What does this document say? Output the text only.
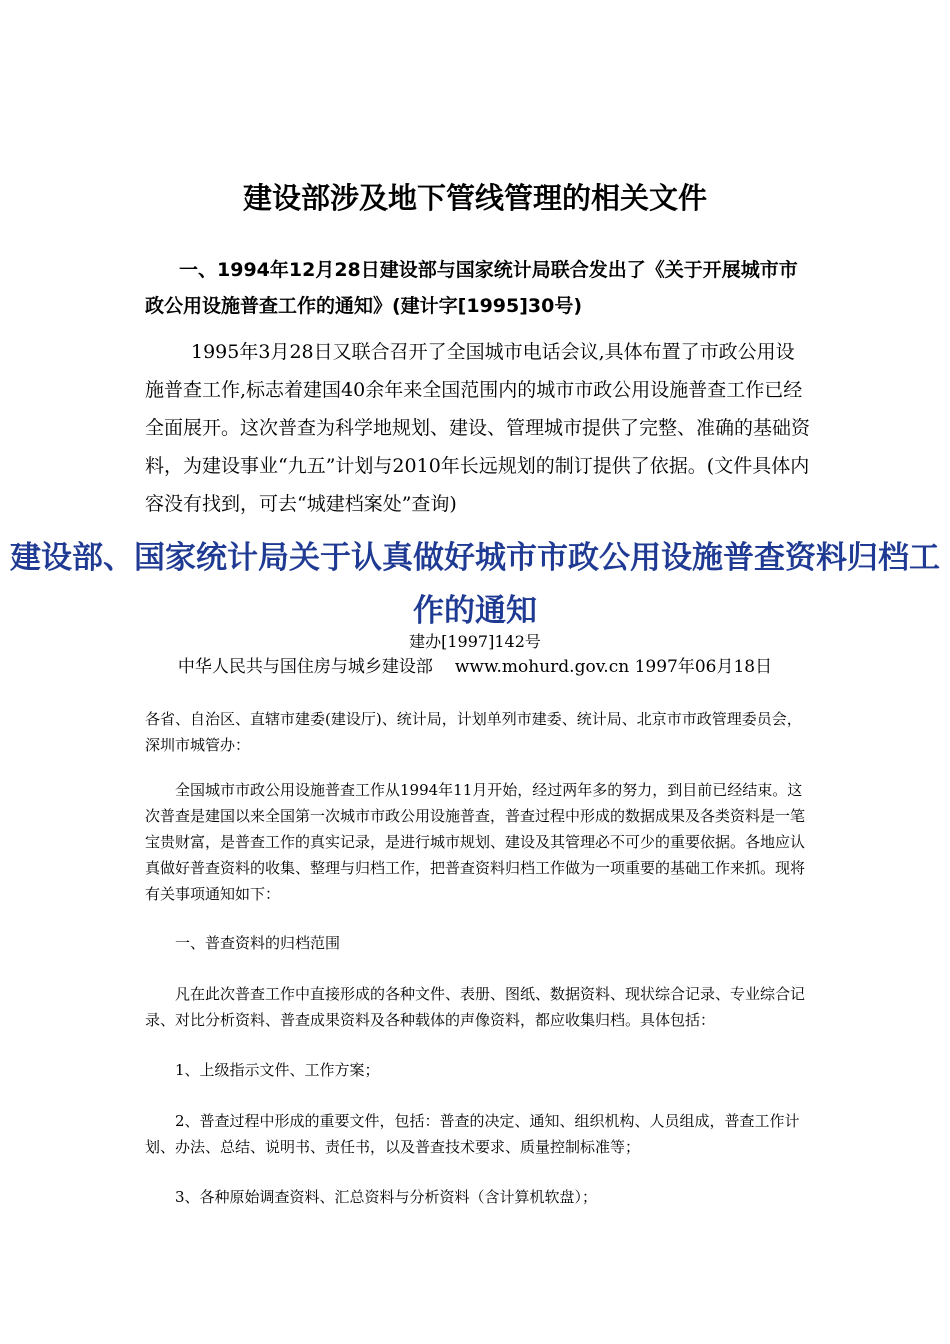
建设部涉及地下管线管理的相关文件

一、1994年12月28日建设部与国家统计局联合发出了《关于开展城市市政公用设施普查工作的通知》(建计字[1995]30号)

1995年3月28日又联合召开了全国城市电话会议,具体布置了市政公用设施普查工作,标志着建国40余年来全国范围内的城市市政公用设施普查工作已经全面展开。这次普查为科学地规划、建设、管理城市提供了完整、准确的基础资料，为建设事业“九五”计划与2010年长远规划的制订提供了依据。(文件具体内容没有找到，可去“城建档案处”查询)

建设部、国家统计局关于认真做好城市市政公用设施普查资料归档工作的通知

建办[1997]142号

中华人民共与国住房与城乡建设部 www.mohurd.gov.cn 1997年06月18日

各省、自治区、直辖市建委(建设厅)、统计局，计划单列市建委、统计局、北京市市政管理委员会，深圳市城管办：

全国城市市政公用设施普查工作从1994年11月开始，经过两年多的努力，到目前已经结束。这次普查是建国以来全国第一次城市市政公用设施普查，普查过程中形成的数据成果及各类资料是一笔宝贵财富，是普查工作的真实记录，是进行城市规划、建设及其管理必不可少的重要依据。各地应认真做好普查资料的收集、整理与归档工作，把普查资料归档工作做为一项重要的基础工作来抓。现将有关事项通知如下：

一、普查资料的归档范围

凡在此次普查工作中直接形成的各种文件、表册、图纸、数据资料、现状综合记录、专业综合记录、对比分析资料、普查成果资料及各种载体的声像资料，都应收集归档。具体包括：

1、上级指示文件、工作方案；

2、普查过程中形成的重要文件，包括：普查的决定、通知、组织机构、人员组成，普查工作计划、办法、总结、说明书、责任书，以及普查技术要求、质量控制标准等；

3、各种原始调查资料、汇总资料与分析资料（含计算机软盘）；
